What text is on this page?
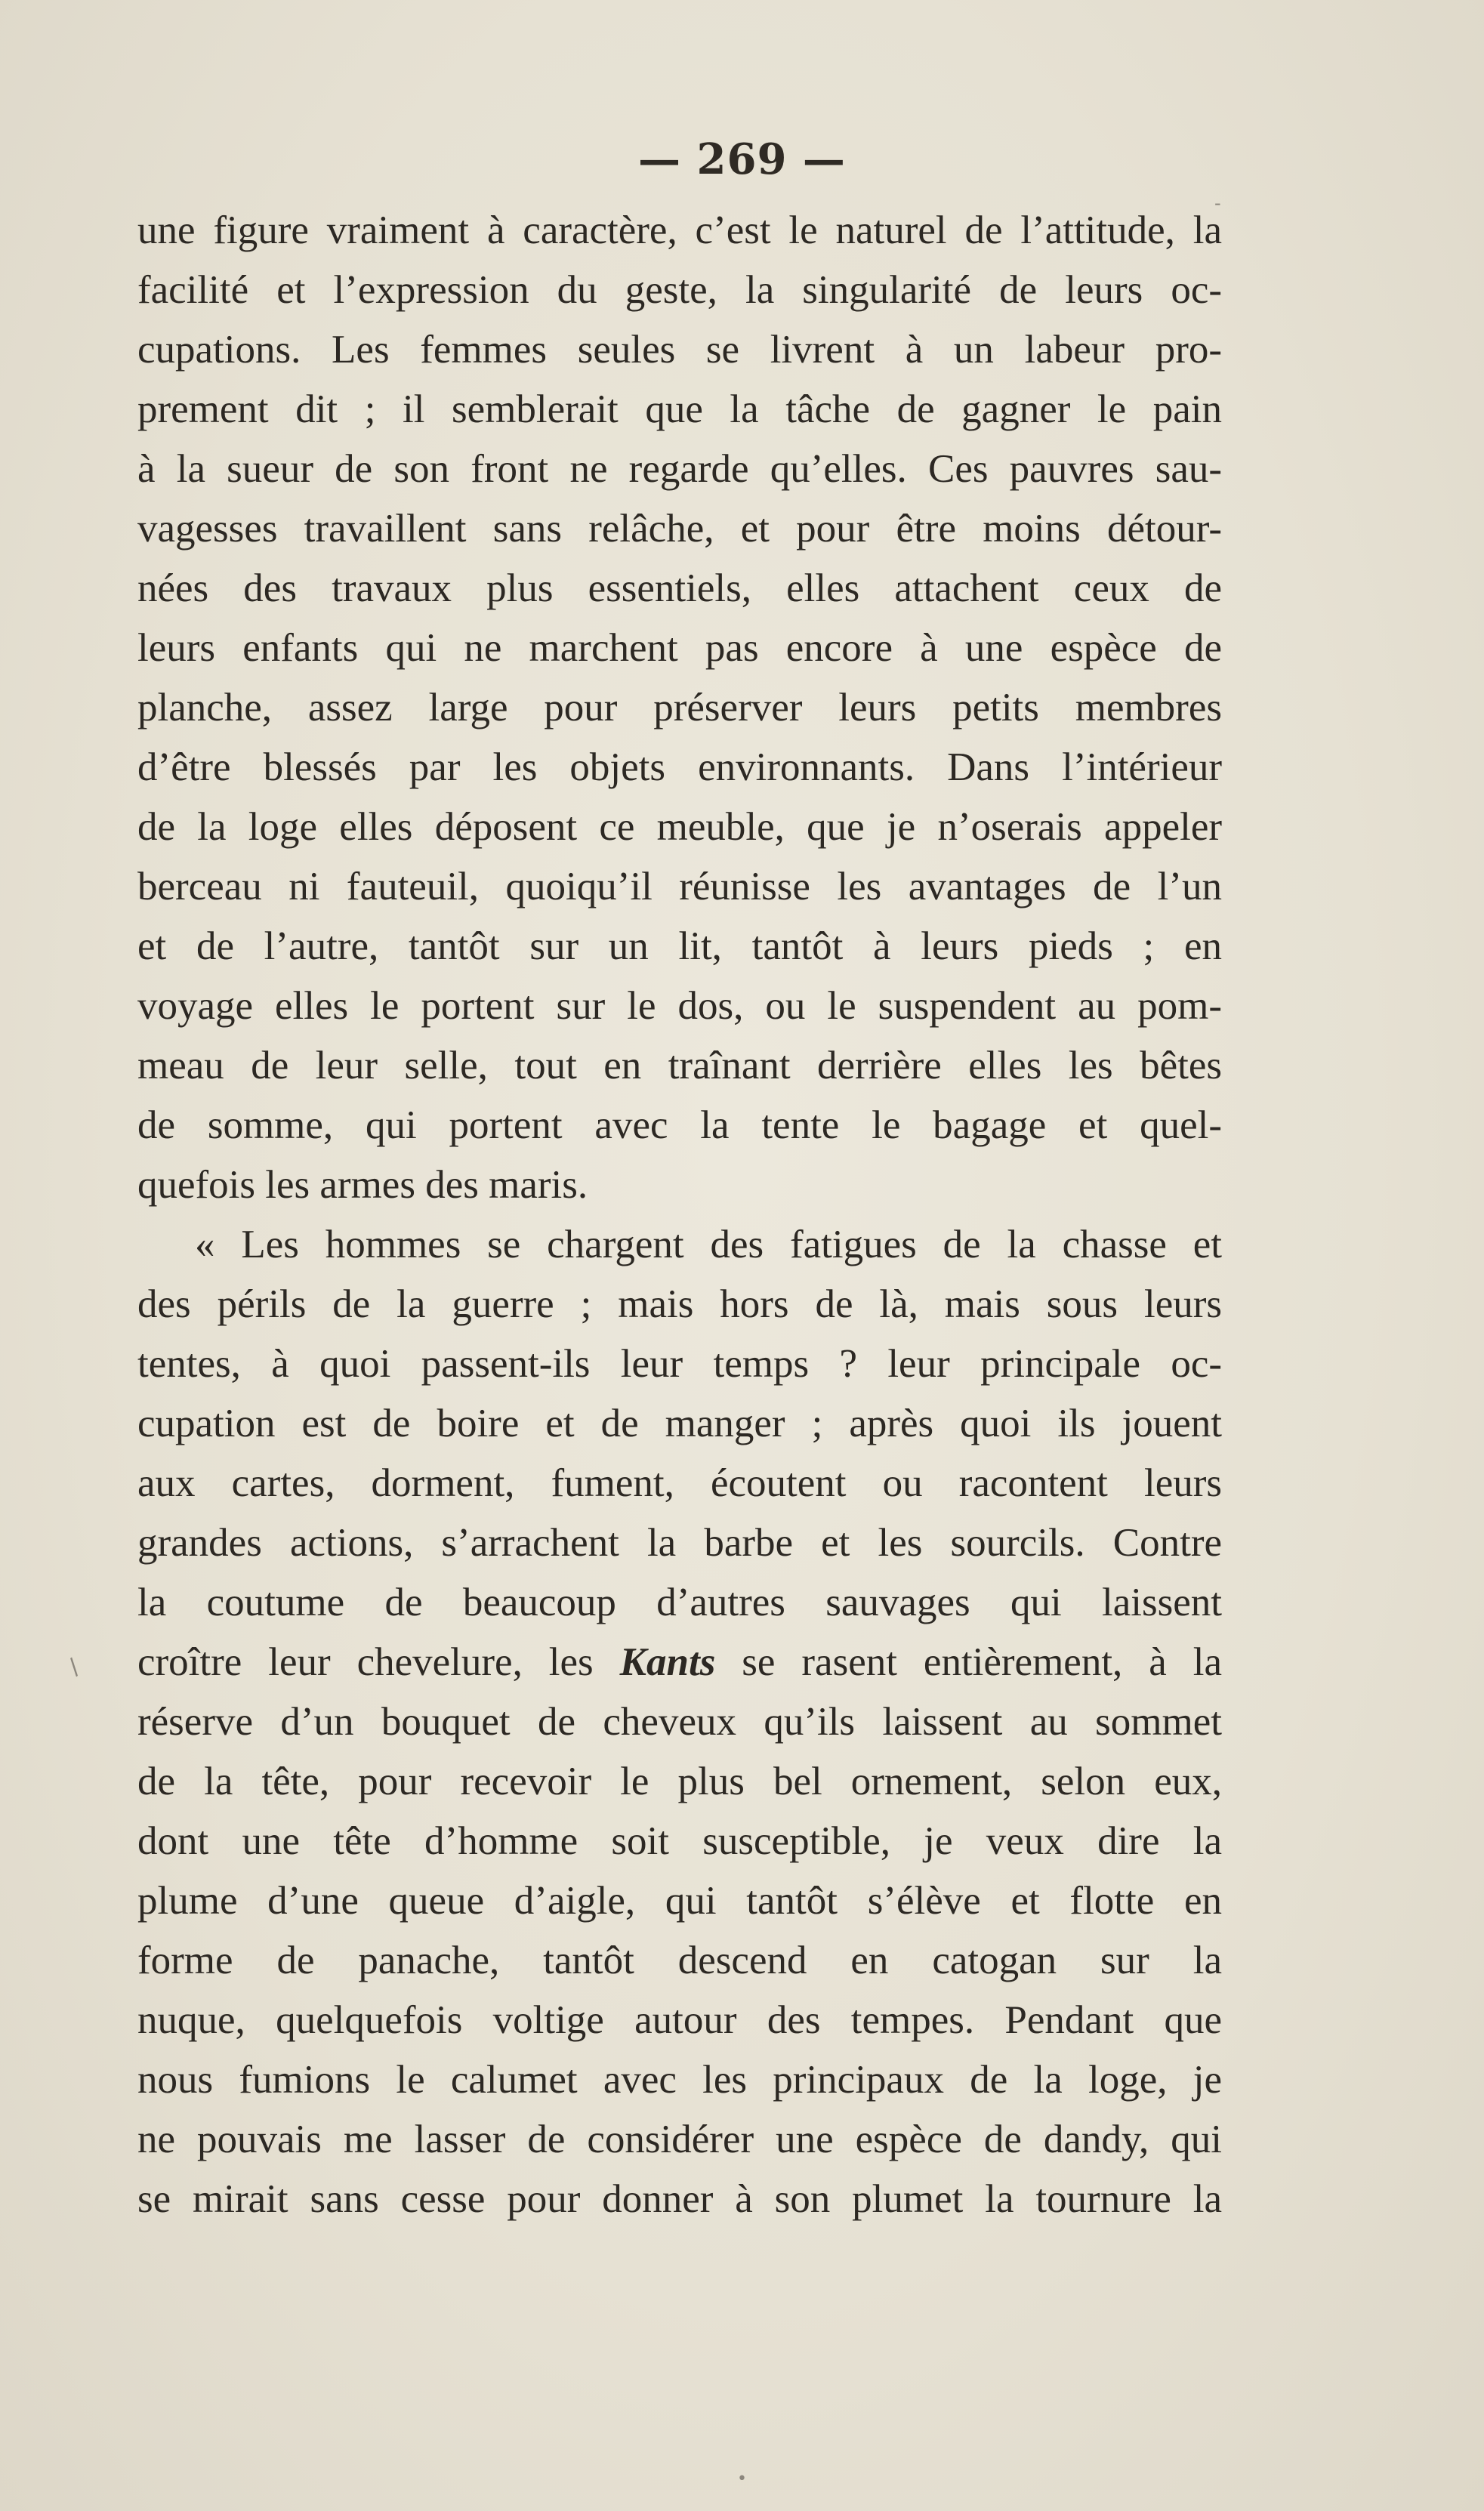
— 269 —
une figure vraiment à caractère, c’est le naturel de l’attitude, la
facilité et l’expression du geste, la singularité de leurs oc-
cupations. Les femmes seules se livrent à un labeur pro-
prement dit ; il semblerait que la tâche de gagner le pain
à la sueur de son front ne regarde qu’elles. Ces pauvres sau-
vagesses travaillent sans relâche, et pour être moins détour-
nées des travaux plus essentiels, elles attachent ceux de
leurs enfants qui ne marchent pas encore à une espèce de
planche, assez large pour préserver leurs petits membres
d’être blessés par les objets environnants. Dans l’intérieur
de la loge elles déposent ce meuble, que je n’oserais appeler
berceau ni fauteuil, quoiqu’il réunisse les avantages de l’un
et de l’autre, tantôt sur un lit, tantôt à leurs pieds ; en
voyage elles le portent sur le dos, ou le suspendent au pom-
meau de leur selle, tout en traînant derrière elles les bêtes
de somme, qui portent avec la tente le bagage et quel-
quefois les armes des maris.
« Les hommes se chargent des fatigues de la chasse et
des périls de la guerre ; mais hors de là, mais sous leurs
tentes, à quoi passent-ils leur temps ? leur principale oc-
cupation est de boire et de manger ; après quoi ils jouent
aux cartes, dorment, fument, écoutent ou racontent leurs
grandes actions, s’arrachent la barbe et les sourcils. Contre
la coutume de beaucoup d’autres sauvages qui laissent
croître leur chevelure, les Kants se rasent entièrement, à la
réserve d’un bouquet de cheveux qu’ils laissent au sommet
de la tête, pour recevoir le plus bel ornement, selon eux,
dont une tête d’homme soit susceptible, je veux dire la
plume d’une queue d’aigle, qui tantôt s’élève et flotte en
forme de panache, tantôt descend en catogan sur la
nuque, quelquefois voltige autour des tempes. Pendant que
nous fumions le calumet avec les principaux de la loge, je
ne pouvais me lasser de considérer une espèce de dandy, qui
se mirait sans cesse pour donner à son plumet la tournure la
/
-
•
